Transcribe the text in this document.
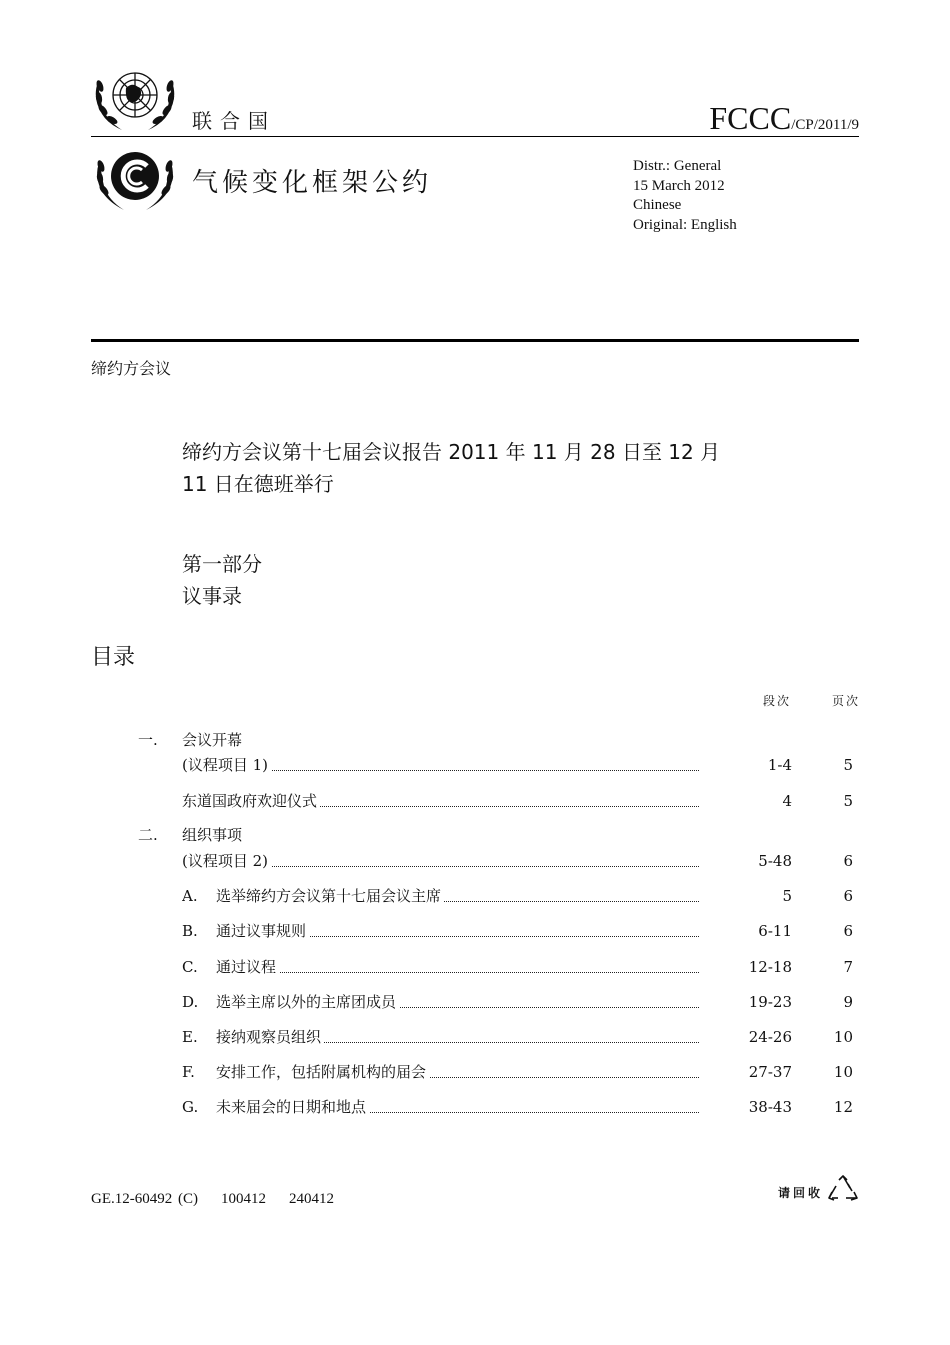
联合国	FCCC/CP/2011/9
气候变化框架公约
Distr.: General
15 March 2012
Chinese
Original: English
缔约方会议
缔约方会议第十七届会议报告 2011 年 11 月 28 日至 12 月
11 日在德班举行
第一部分
议事录
目录
段次	页次
一. 会议开幕
(议程项目 1)	1-4	5
东道国政府欢迎仪式	4	5
二. 组织事项
(议程项目 2)	5-48	6
A. 选举缔约方会议第十七届会议主席	5	6
B. 通过议事规则	6-11	6
C. 通过议程	12-18	7
D. 选举主席以外的主席团成员	19-23	9
E. 接纳观察员组织	24-26	10
F. 安排工作，包括附属机构的届会	27-37	10
G. 未来届会的日期和地点	38-43	12
GE.12-60492 (C)    100412    240412	请回收
